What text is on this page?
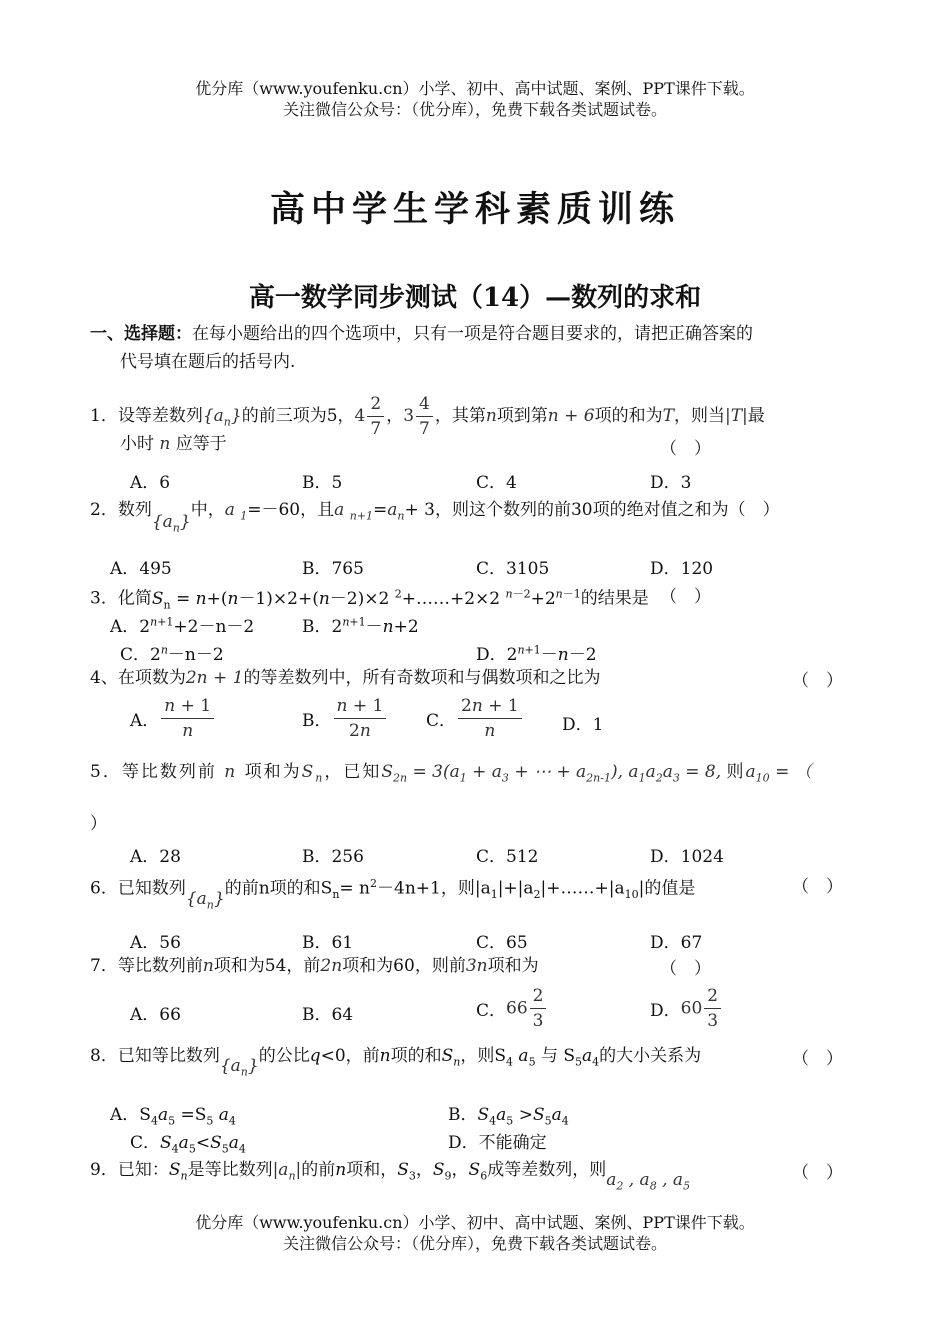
优分库（www.youfenku.cn）小学、初中、高中试题、案例、PPT课件下载。
关注微信公众号：（优分库），免费下载各类试题试卷。
高中学生学科素质训练
高一数学同步测试（14）—数列的求和
一、选择题：在每小题给出的四个选项中，只有一项是符合题目要求的，请把正确答案的
代号填在题后的括号内.
1．设等差数列$\{a_n\}$的前三项为5，$4 \frac{2}{7}$ ，$3 \frac{4}{7}$ ，其第n项到第n + 6项的和为T，则当|T|最
小时 n 应等于	（　）
A．6	B．5	C．4	D．3
2．数列$\{a_n\}$中，a $_1$=－60，且a $_{n+1}=a_n+ 3$，则这个数列的前30项的绝对值之和为（　）
A．495	B．765	C．3105	D．120
3．化简$S_n = n+(n-1)\times 2+(n-2)\times 2$ $^2$+……+2×2 $^{n-2}+2^{n-1}$的结果是 （　）
A．$2^{n+1}+2-n-2$	B．$2^{n+1}-n+2$
C．$2^n-n-2$	D．$2^{n+1}-n-2$
4、在项数为2n + 1的等差数列中，所有奇数项和与偶数项和之比为	（　）
A． $\frac{n + 1}{n}$	B． $\frac{n + 1}{2n}$ C． $\frac{2n + 1}{n}$ D．1
5．等比数列前 n 项和为$S_n$，已知$S_{2n} = 3(a_1 + a_3$ + ⋯ + $a_{2n-1}$), $a_1a_2a_3 = 8$, 则$a_{10}$ = （
）
A．28	B．256	C．512	D．1024
6．已知数列$\{a_n\}$的前n项的和$S_n= n^2-4n+1$，则$|a_1|+|a_2|+\dots\dots+|a_{10}|$的值是	（　）
A．56	B．61	C．65	D．67
7．等比数列前n项和为54，前2n项和为60，则前3n项和为	（　）
A．66	B．64	C．$66 \frac{2}{3}$	D．$60 \frac{2}{3}$
8．已知等比数列$\{a_n\}$的公比q<0，前n项的和$S_n$，则$S_4$ $a_5$ 与 $S_5a_4$的大小关系为	（　）
A．$S_4a_5 =S_5$ $a_4$	B．$S_4a_5 >S_5a_4$
C．$S_4a_5<S_5a_4$	D．不能确定
9．已知：$S_n$是等比数列$|a_n|$的前n项和，$S_3$，$S_9$，$S_6$成等差数列，则$a_2$ , $a_8$ , $a_5$
（　）
优分库（www.youfenku.cn）小学、初中、高中试题、案例、PPT课件下载。
关注微信公众号：（优分库），免费下载各类试题试卷。
